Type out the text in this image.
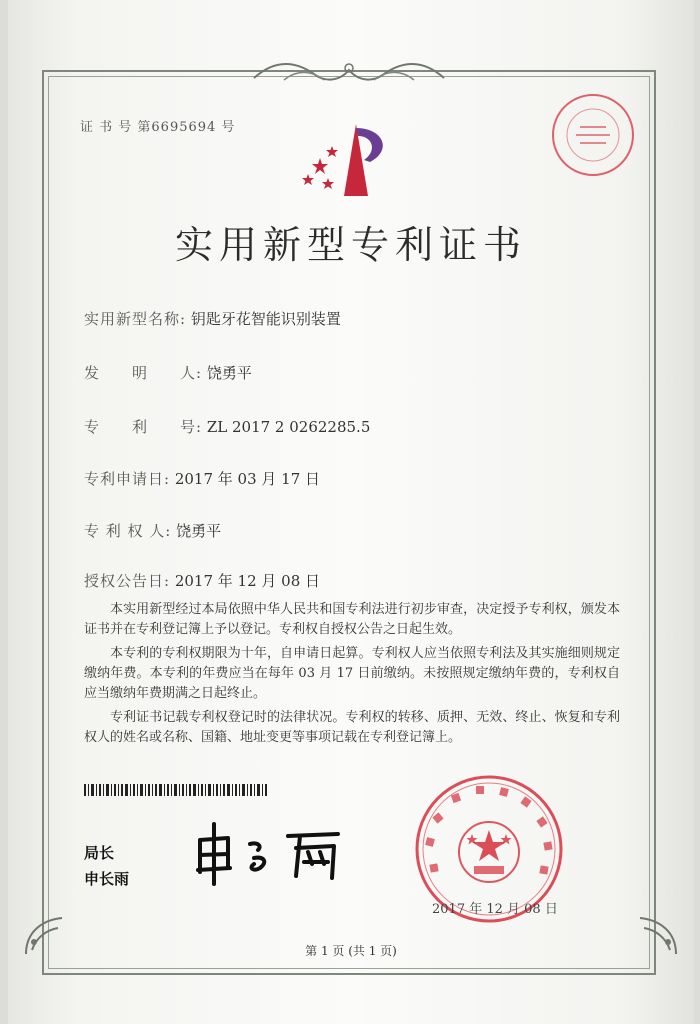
证 书 号 第6695694 号
实用新型专利证书
实用新型名称: 钥匙牙花智能识别装置
发　　明　　人: 饶勇平
专　　利　　号: ZL 2017 2 0262285.5
专利申请日: 2017 年 03 月 17 日
专 利 权 人: 饶勇平
授权公告日: 2017 年 12 月 08 日

本实用新型经过本局依照中华人民共和国专利法进行初步审查，决定授予专利权，颁发本证书并在专利登记簿上予以登记。专利权自授权公告之日起生效。

本专利的专利权期限为十年，自申请日起算。专利权人应当依照专利法及其实施细则规定缴纳年费。本专利的年费应当在每年 03 月 17 日前缴纳。未按照规定缴纳年费的，专利权自应当缴纳年费期满之日起终止。

专利证书记载专利权登记时的法律状况。专利权的转移、质押、无效、终止、恢复和专利权人的姓名或名称、国籍、地址变更等事项记载在专利登记簿上。

局长
申长雨
2017 年 12 月 08 日
第 1 页 (共 1 页)
